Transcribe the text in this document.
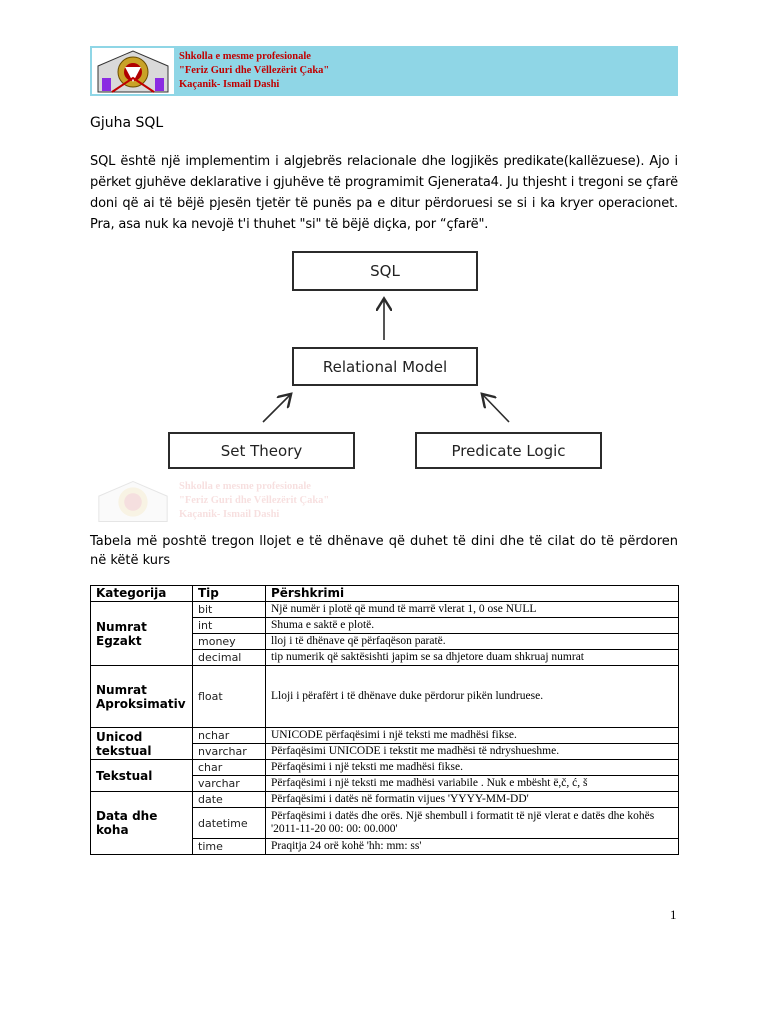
Shkolla e mesme profesionale
"Feriz Guri dhe Vëllezërit Çaka"
Kaçanik- Ismail Dashi
Gjuha SQL
SQL është një implementim i algjebrës relacionale dhe logjikës predikate(kallëzuese). Ajo i përket gjuhëve deklarative i gjuhëve të programimit Gjenerata4. Ju thjesht i tregoni se çfarë doni që ai të bëjë pjesën tjetër të punës pa e ditur përdoruesi se si i ka kryer operacionet. Pra, asa nuk ka nevojë t'i thuhet "si" të bëjë diçka, por “çfarë".
SQL
Relational Model
Set Theory	Predicate Logic
Shkolla e mesme profesionale
"Feriz Guri dhe Vëllezërit Çaka"
Kaçanik- Ismail Dashi
Tabela më poshtë tregon llojet e të dhënave që duhet të dini dhe të cilat do të përdoren në këtë kurs
Kategorija	Tip	Përshkrimi
Numrat Egzakt	bit	Një numër i plotë që mund të marrë vlerat 1, 0 ose NULL
	int	Shuma e saktë e plotë.
	money	lloj i të dhënave që përfaqëson paratë.
	decimal	tip numerik që saktësishti japim se sa dhjetore duam shkruaj numrat
Numrat Aproksimativ	float	Lloji i përafërt i të dhënave duke përdorur pikën lundruese.
Unicod tekstual	nchar	UNICODE përfaqësimi i një teksti me madhësi fikse.
	nvarchar	Përfaqësimi UNICODE i tekstit me madhësi të ndryshueshme.
Tekstual	char	Përfaqësimi i një teksti me madhësi fikse.
	varchar	Përfaqësimi i një teksti me madhësi variabile . Nuk e mbësht ë,č, ć, š
Data dhe koha	date	Përfaqësimi i datës në formatin vijues 'YYYY-MM-DD'
	datetime	Përfaqësimi i datës dhe orës. Një shembull i formatit të një vlerat e datës dhe kohës '2011-11-20 00: 00: 00.000'
	time	Praqitja 24 orë kohë 'hh: mm: ss'
1
